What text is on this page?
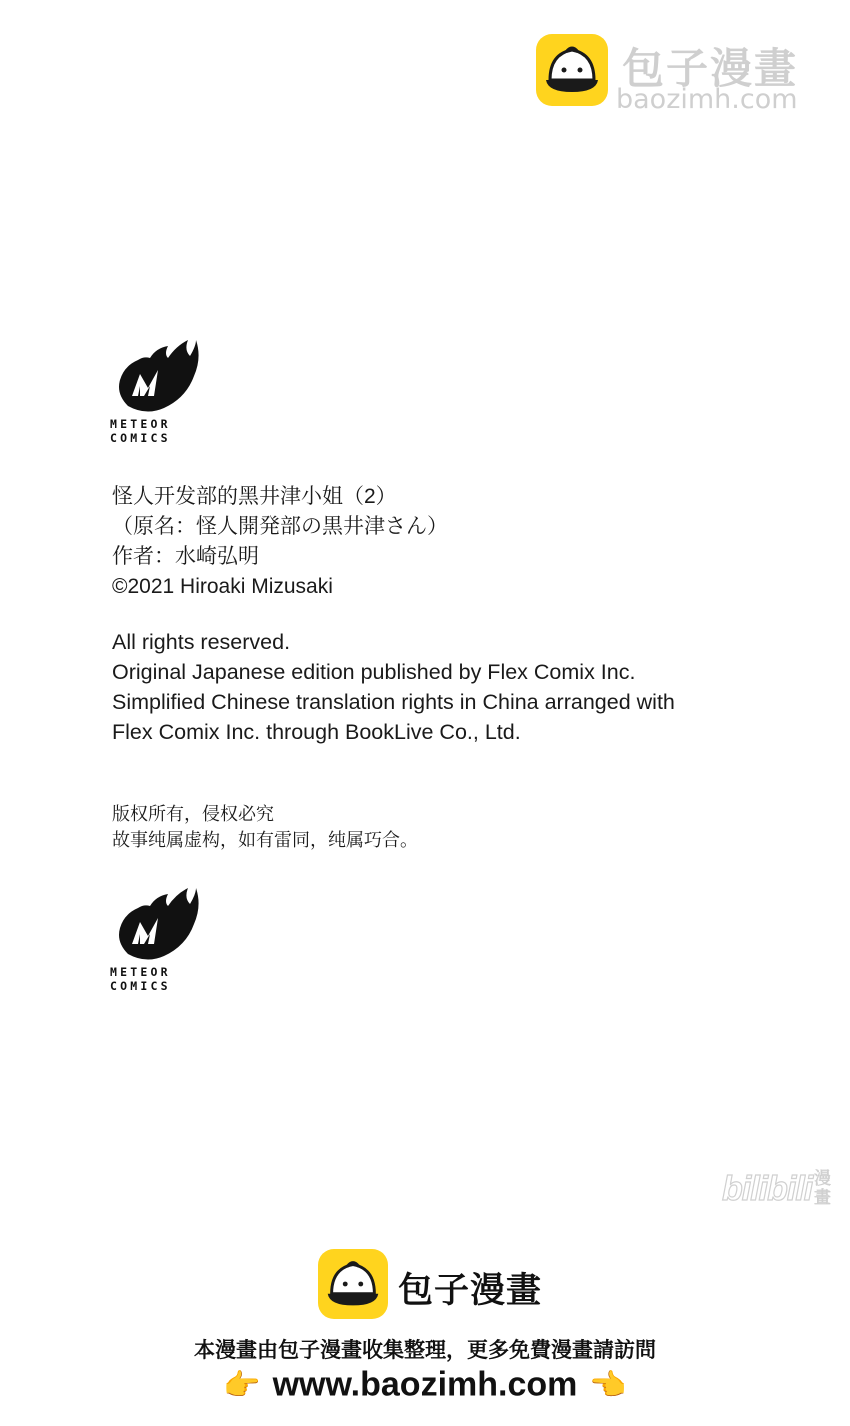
包子漫畫
baozimh.com
METEOR
COMICS
怪人开发部的黑井津小姐（2）
（原名：怪人開発部の黒井津さん）
作者：水崎弘明
©2021 Hiroaki Mizusaki
All rights reserved.
Original Japanese edition published by Flex Comix Inc.
Simplified Chinese translation rights in China arranged with
Flex Comix Inc. through BookLive Co., Ltd.
版权所有，侵权必究
故事纯属虚构，如有雷同，纯属巧合。
METEOR
COMICS
bilibili 漫畫
包子漫畫
本漫畫由包子漫畫收集整理，更多免費漫畫請訪問
👉 www.baozimh.com 👈
